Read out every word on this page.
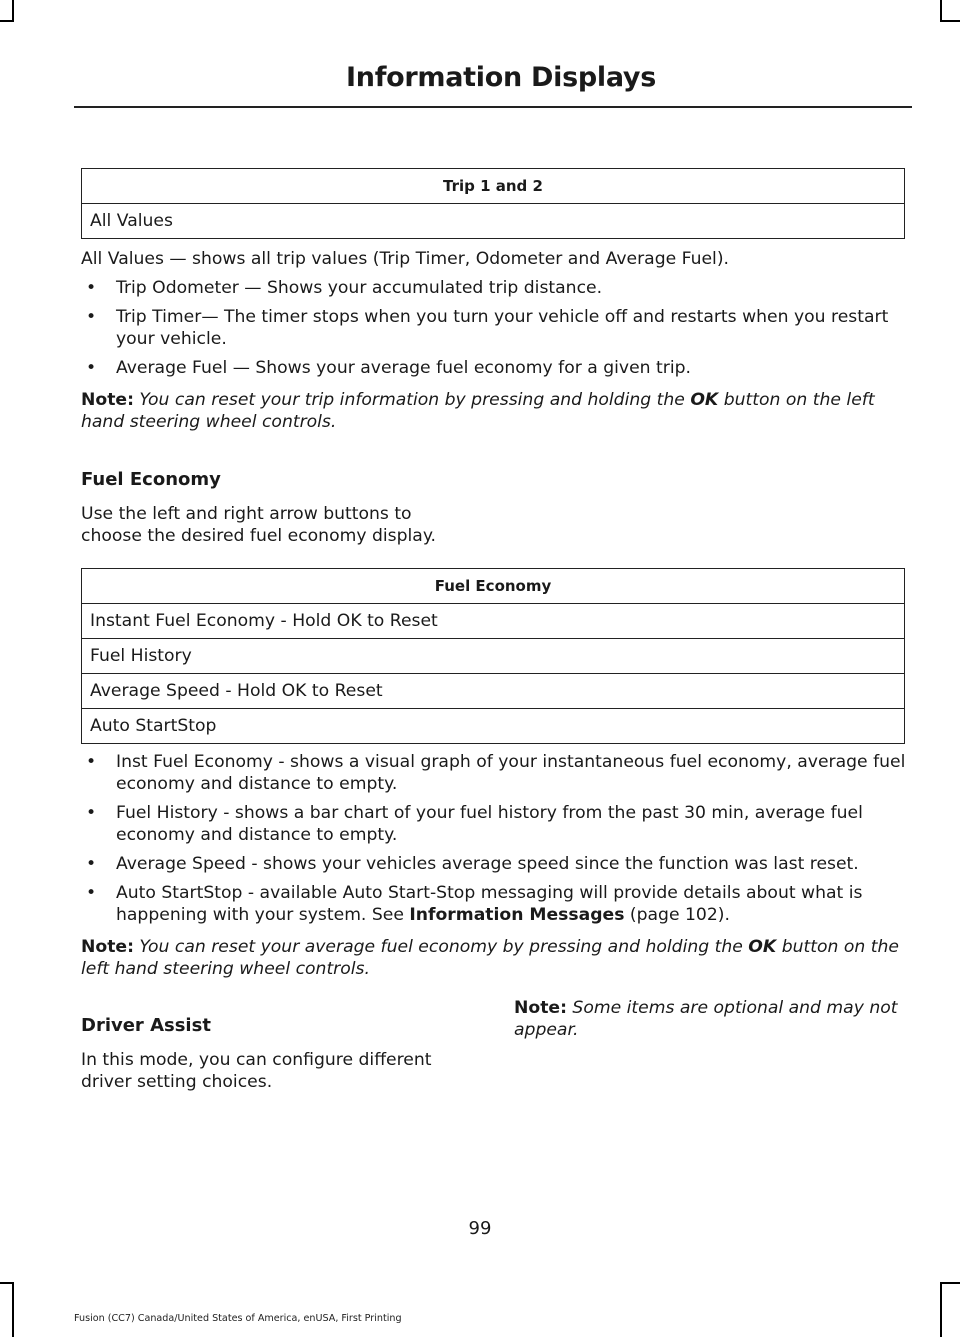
Information Displays
Trip 1 and 2
All Values

All Values — shows all trip values (Trip Timer, Odometer and Average Fuel).

• Trip Odometer — Shows your accumulated trip distance.
• Trip Timer— The timer stops when you turn your vehicle off and restarts when you restart your vehicle.
• Average Fuel — Shows your average fuel economy for a given trip.

Note: You can reset your trip information by pressing and holding the OK button on the left hand steering wheel controls.

Fuel Economy

Use the left and right arrow buttons to
choose the desired fuel economy display.

Fuel Economy
Instant Fuel Economy - Hold OK to Reset
Fuel History
Average Speed - Hold OK to Reset
Auto StartStop
• Inst Fuel Economy - shows a visual graph of your instantaneous fuel economy, average fuel economy and distance to empty.
• Fuel History - shows a bar chart of your fuel history from the past 30 min, average fuel economy and distance to empty.
• Average Speed - shows your vehicles average speed since the function was last reset.
• Auto StartStop - available Auto Start-Stop messaging will provide details about what is happening with your system. See Information Messages (page 102).

Note: You can reset your average fuel economy by pressing and holding the OK button on the left hand steering wheel controls.

Driver Assist

In this mode, you can configure different
driver setting choices.

Note: Some items are optional and may not appear.

99
Fusion (CC7) Canada/United States of America, enUSA, First Printing
